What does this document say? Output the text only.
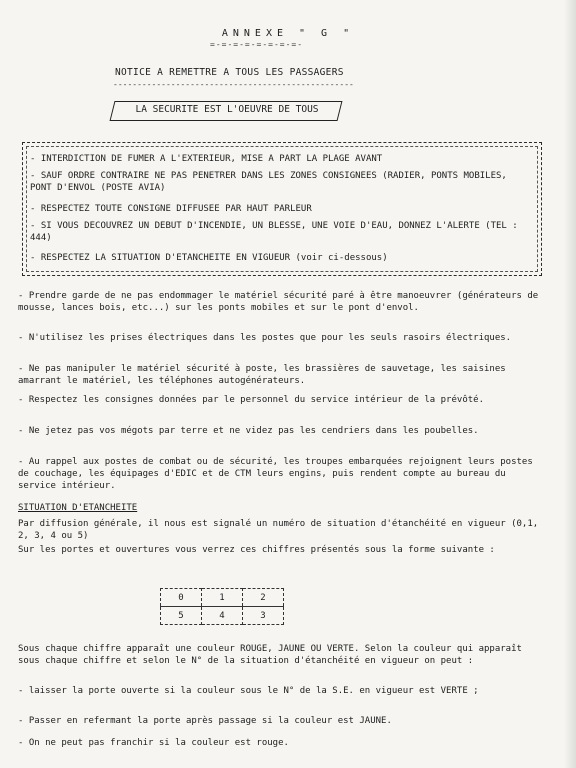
ANNEXE " G "
=-=-=-=-=-=-=-=-
NOTICE A REMETTRE A TOUS LES PASSAGERS
--------------------------------------------------
LA SECURITE EST L'OEUVRE DE TOUS
- INTERDICTION DE FUMER A L'EXTERIEUR, MISE A PART LA PLAGE AVANT
- SAUF ORDRE CONTRAIRE NE PAS PENETRER DANS LES ZONES CONSIGNEES (RADIER, PONTS MOBILES, PONT D'ENVOL (POSTE AVIA)
- RESPECTEZ TOUTE CONSIGNE DIFFUSEE PAR HAUT PARLEUR
- SI VOUS DECOUVREZ UN DEBUT D'INCENDIE, UN BLESSE, UNE VOIE D'EAU, DONNEZ L'ALERTE (TEL : 444)
- RESPECTEZ LA SITUATION D'ETANCHEITE EN VIGUEUR (voir ci-dessous)
- Prendre garde de ne pas endommager le matériel sécurité paré à être manoeuvrer (générateurs de mousse, lances bois, etc...) sur les ponts mobiles et sur le pont d'envol.
- N'utilisez les prises électriques dans les postes que pour les seuls rasoirs électriques.
- Ne pas manipuler le matériel sécurité à poste, les brassières de sauvetage, les saisines amarrant le matériel, les téléphones autogénérateurs.
- Respectez les consignes données par le personnel du service intérieur de la prévôté.
- Ne jetez pas vos mégots par terre et ne videz pas les cendriers dans les poubelles.
- Au rappel aux postes de combat ou de sécurité, les troupes embarquées rejoignent leurs postes de couchage, les équipages d'EDIC et de CTM leurs engins, puis rendent compte au bureau du service intérieur.
SITUATION D'ETANCHEITE
Par diffusion générale, il nous est signalé un numéro de situation d'étanchéité en vigueur (0,1, 2, 3, 4 ou 5)
Sur les portes et ouvertures vous verrez ces chiffres présentés sous la forme suivante :
0	1	2
5	4	3
Sous chaque chiffre apparaît une couleur ROUGE, JAUNE OU VERTE. Selon la couleur qui apparaît sous chaque chiffre et selon le N° de la situation d'étanchéité en vigueur on peut :
- laisser la porte ouverte si la couleur sous le N° de la S.E. en vigueur est VERTE ;
- Passer en refermant la porte après passage si la couleur est JAUNE.
- On ne peut pas franchir si la couleur est rouge.
